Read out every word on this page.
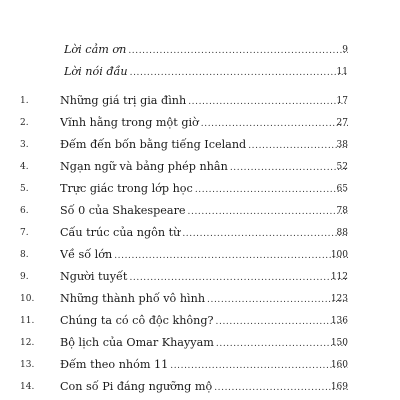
Lời cảm ơn .....	9
Lời nói đầu .....	11
1.	Những giá trị gia đình .....	17
2.	Vĩnh hằng trong một giờ .....	27
3.	Đếm đến bốn bằng tiếng Iceland .....	38
4.	Ngạn ngữ và bảng phép nhân .....	52
5.	Trực giác trong lớp học .....	65
6.	Số 0 của Shakespeare .....	78
7.	Cấu trúc của ngôn từ .....	88
8.	Về số lớn .....	100
9.	Người tuyết .....	112
10.	Những thành phố vô hình .....	123
11.	Chúng ta có cô độc không? .....	136
12.	Bộ lịch của Omar Khayyam .....	150
13.	Đếm theo nhóm 11 .....	160
14.	Con số Pi đáng ngưỡng mộ .....	169
